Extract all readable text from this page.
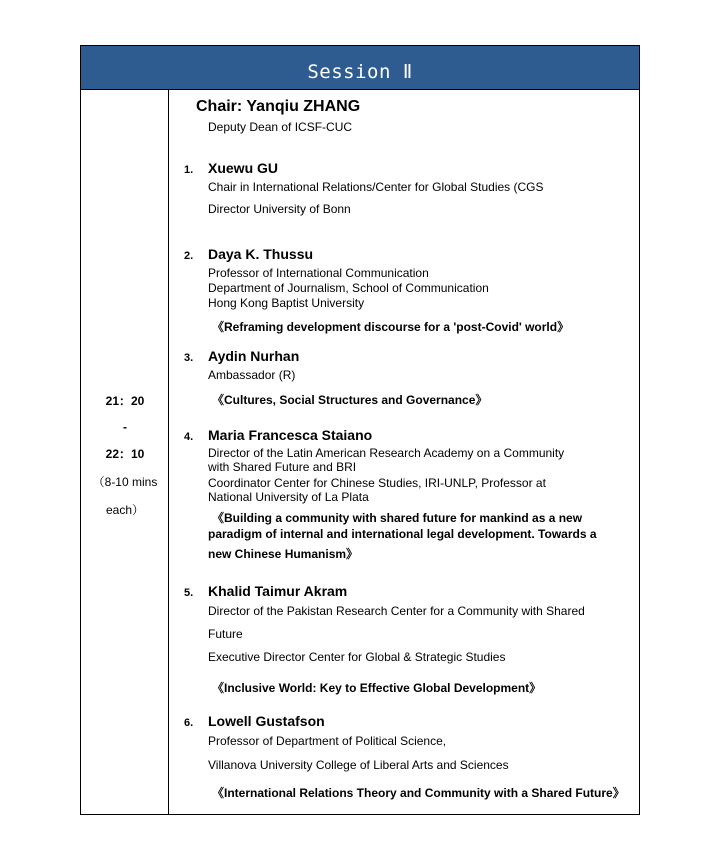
Session Ⅱ
21：20
-
22：10
（8-10 mins
each）
Chair: Yanqiu ZHANG
Deputy Dean of ICSF-CUC
1. Xuewu GU
Chair in International Relations/Center for Global Studies (CGS
Director University of Bonn
2. Daya K. Thussu
Professor of International Communication
Department of Journalism, School of Communication
Hong Kong Baptist University
《Reframing development discourse for a 'post-Covid' world》
3. Aydin Nurhan
Ambassador (R)
《Cultures, Social Structures and Governance》
4. Maria Francesca Staiano
Director of the Latin American Research Academy on a Community
with Shared Future and BRI
Coordinator Center for Chinese Studies, IRI-UNLP, Professor at
National University of La Plata
《Building a community with shared future for mankind as a new
paradigm of internal and international legal development. Towards a
new Chinese Humanism》
5. Khalid Taimur Akram
Director of the Pakistan Research Center for a Community with Shared
Future
Executive Director Center for Global & Strategic Studies
《Inclusive World: Key to Effective Global Development》
6. Lowell Gustafson
Professor of Department of Political Science,
Villanova University College of Liberal Arts and Sciences
《International Relations Theory and Community with a Shared Future》
